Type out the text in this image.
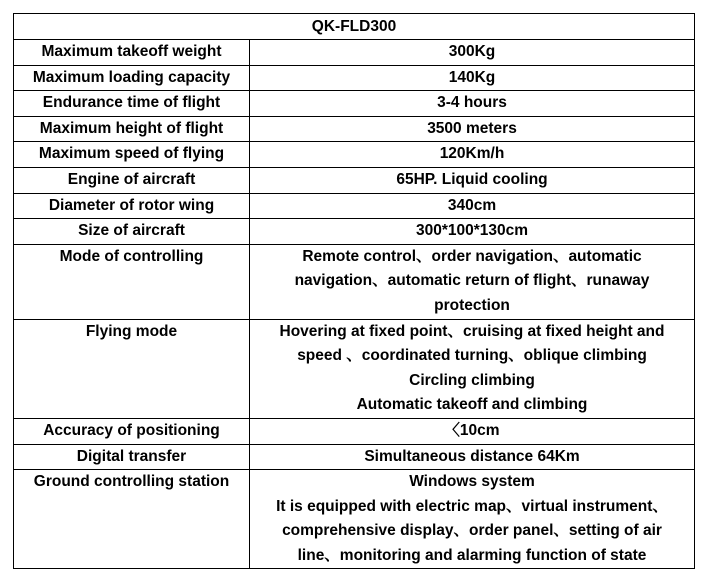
QK-FLD300	
Maximum takeoff weight	300Kg

Maximum loading capacity	140Kg

Endurance time of flight	3-4 hours

Maximum height of flight	3500 meters

Maximum speed of flying	120Km/h

Engine of aircraft	65HP. Liquid cooling

Diameter of rotor wing	340cm

Size of aircraft	300*100*130cm

Mode of controlling	Remote control、order navigation、automatic
navigation、automatic return of flight、runaway
protection

Flying mode	Hovering at fixed point、cruising at fixed height and
speed 、coordinated turning、oblique climbing
Circling climbing
Automatic takeoff and climbing

Accuracy of positioning	〈10cm

Digital transfer	Simultaneous distance 64Km

Ground controlling station	Windows system
It is equipped with electric map、virtual instrument、
comprehensive display、order panel、setting of air
line、monitoring and alarming function of state
